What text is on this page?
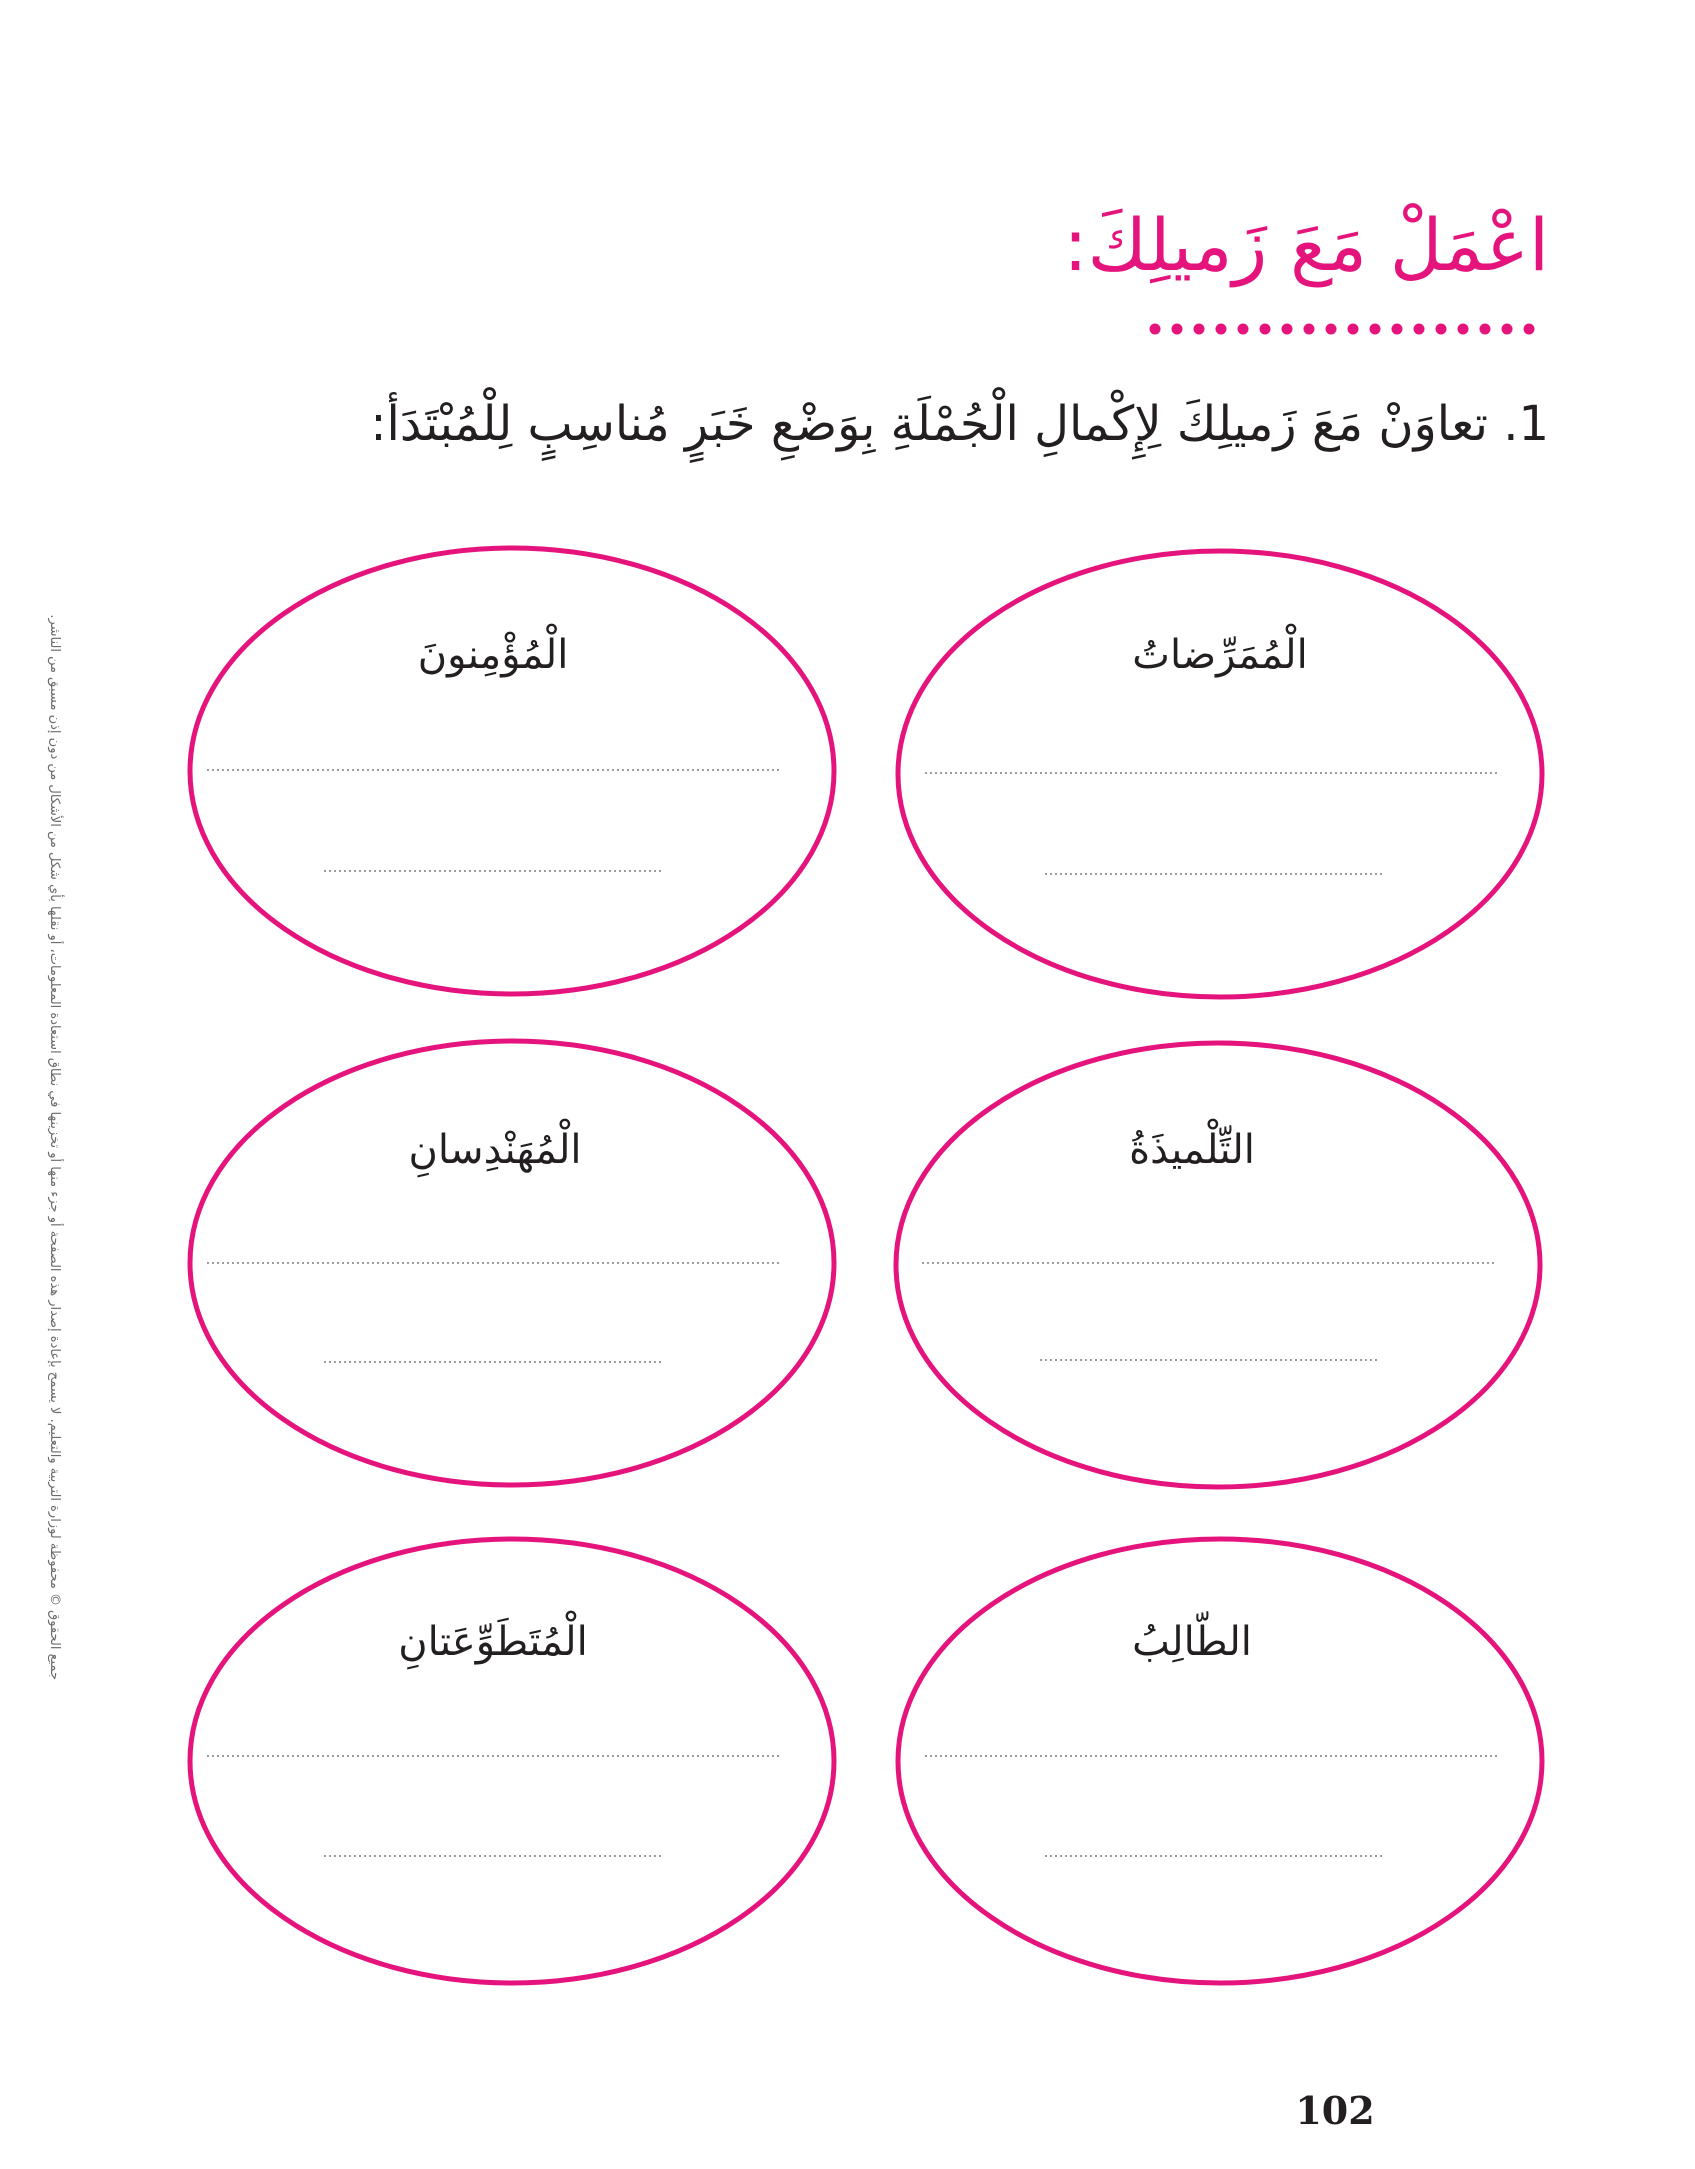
اعْمَلْ مَعَ زَميلِكَ:
1. تعاوَنْ مَعَ زَميلِكَ لِإِكْمالِ الْجُمْلَةِ بِوَضْعِ خَبَرٍ مُناسِبٍ لِلْمُبْتَدَأ:
جميع الحقوق © محفوظة لوزارة التربية والتعليم. لا يسمح بإعادة إصدار هذه الصفحة أو جزء منها أو تخزينها في نطاق استعادة المعلومات، أو نقلها بأي شكل من الأشكال من دون إذن مسبق من الناشر.	الْمُمَرِّضاتُ
الْمُؤْمِنونَ
التِّلْميذَةُ
الْمُهَنْدِسانِ
الطّالِبُ
الْمُتَطَوِّعَتانِ
102
